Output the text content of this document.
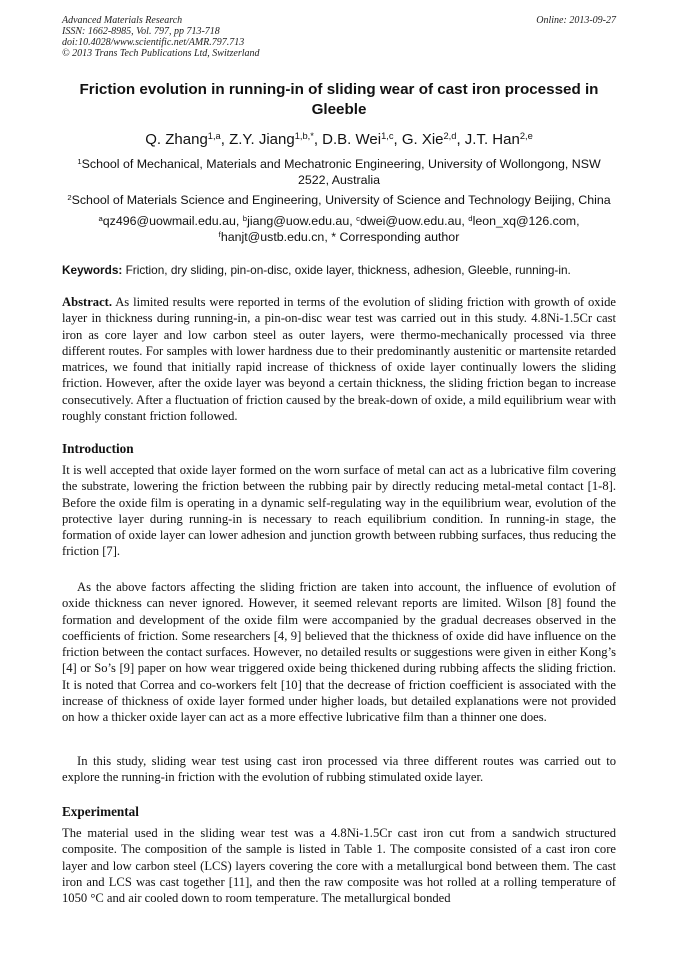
Advanced Materials Research
ISSN: 1662-8985, Vol. 797, pp 713-718
doi:10.4028/www.scientific.net/AMR.797.713
© 2013 Trans Tech Publications Ltd, Switzerland
Online: 2013-09-27
Friction evolution in running-in of sliding wear of cast iron processed in Gleeble
Q. Zhang$^{1,a}$, Z.Y. Jiang$^{1,b,*}$, D.B. Wei$^{1,c}$, G. Xie$^{2,d}$, J.T. Han$^{2,e}$
$^1$School of Mechanical, Materials and Mechatronic Engineering, University of Wollongong, NSW 2522, Australia
$^2$School of Materials Science and Engineering, University of Science and Technology Beijing, China
$^a$qz496@uowmail.edu.au, $^b$jiang@uow.edu.au, $^c$dwei@uow.edu.au, $^d$leon_xq@126.com,
$^f$hanjt@ustb.edu.cn, * Corresponding author
Keywords: Friction, dry sliding, pin-on-disc, oxide layer, thickness, adhesion, Gleeble, running-in.

Abstract. As limited results were reported in terms of the evolution of sliding friction with growth of oxide layer in thickness during running-in, a pin-on-disc wear test was carried out in this study. 4.8Ni-1.5Cr cast iron as core layer and low carbon steel as outer layers, were thermo-mechanically processed via three different routes. For samples with lower hardness due to their predominantly austenitic or martensite retarded matrices, we found that initially rapid increase of thickness of oxide layer continually lowers the sliding friction. However, after the oxide layer was beyond a certain thickness, the sliding friction began to increase consecutively. After a fluctuation of friction caused by the break-down of oxide, a mild equilibrium wear with roughly constant friction followed.

Introduction

It is well accepted that oxide layer formed on the worn surface of metal can act as a lubricative film covering the substrate, lowering the friction between the rubbing pair by directly reducing metal-metal contact [1-8]. Before the oxide film is operating in a dynamic self-regulating way in the equilibrium wear, evolution of the protective layer during running-in is necessary to reach equilibrium condition. In running-in stage, the formation of oxide layer can lower adhesion and junction growth between rubbing surfaces, thus reducing the friction [7].

As the above factors affecting the sliding friction are taken into account, the influence of evolution of oxide thickness can never ignored. However, it seemed relevant reports are limited. Wilson [8] found the formation and development of the oxide film were accompanied by the gradual decreases observed in the coefficients of friction. Some researchers [4, 9] believed that the thickness of oxide did have influence on the friction between the contact surfaces. However, no detailed results or suggestions were given in either Kong’s [4] or So’s [9] paper on how wear triggered oxide being thickened during rubbing affects the sliding friction. It is noted that Correa and co-workers felt [10] that the decrease of friction coefficient is associated with the increase of thickness of oxide layer formed under higher loads, but detailed explanations were not provided on how a thicker oxide layer can act as a more effective lubricative film than a thinner one does.

In this study, sliding wear test using cast iron processed via three different routes was carried out to explore the running-in friction with the evolution of rubbing stimulated oxide layer.

Experimental

The material used in the sliding wear test was a 4.8Ni-1.5Cr cast iron cut from a sandwich structured composite. The composition of the sample is listed in Table 1. The composite consisted of a cast iron core layer and low carbon steel (LCS) layers covering the core with a metallurgical bond between them. The cast iron and LCS was cast together [11], and then the raw composite was hot rolled at a rolling temperature of 1050 °C and air cooled down to room temperature. The metallurgical bonded
